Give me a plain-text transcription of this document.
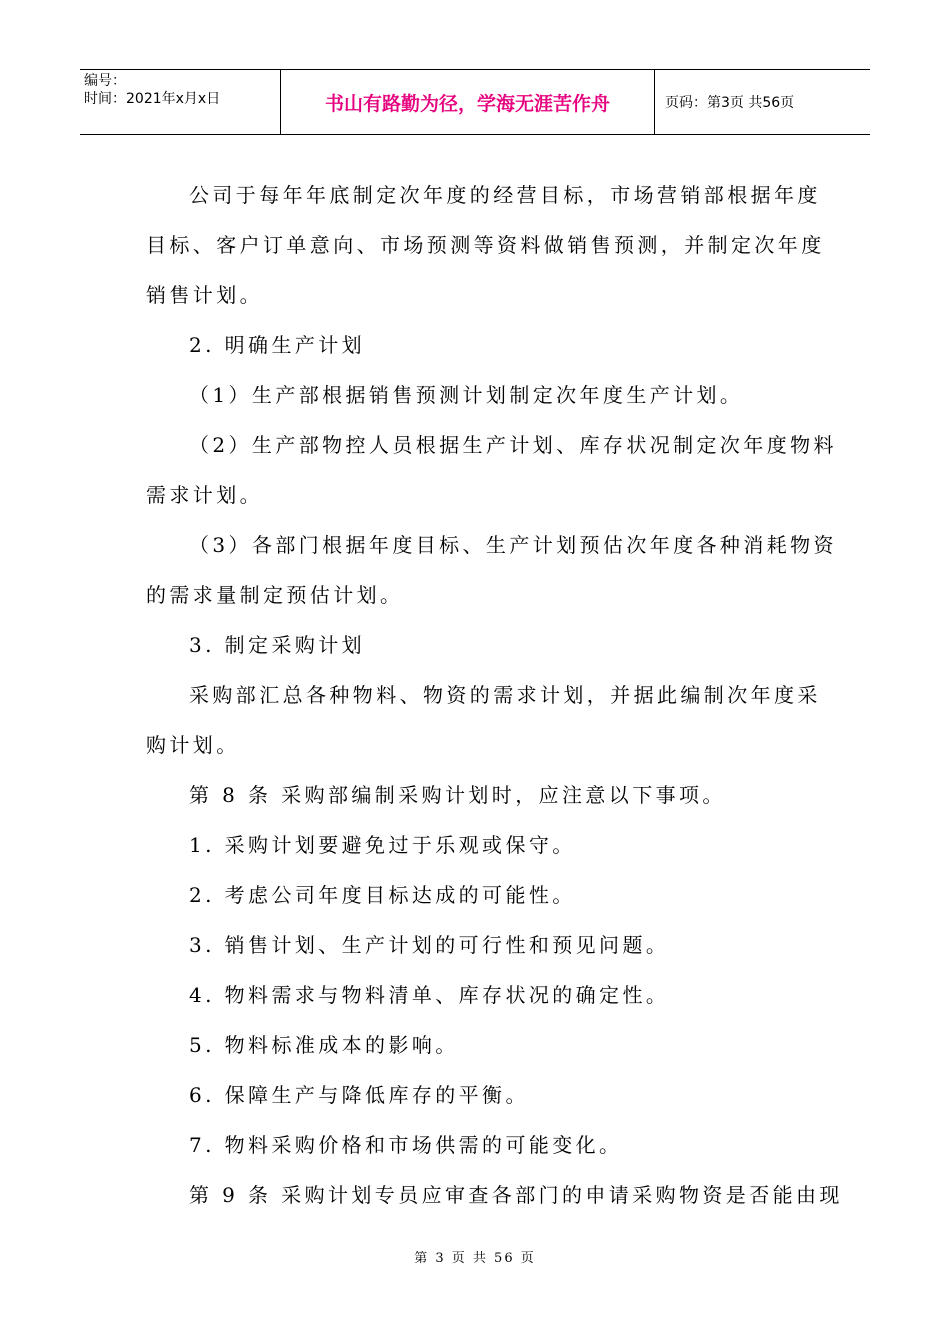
编号：
时间：2021年x月x日	书山有路勤为径，学海无涯苦作舟	页码：第3页 共56页

公司于每年年底制定次年度的经营目标，市场营销部根据年度

目标、客户订单意向、市场预测等资料做销售预测，并制定次年度

销售计划。

2. 明确生产计划

（1）生产部根据销售预测计划制定次年度生产计划。

（2）生产部物控人员根据生产计划、库存状况制定次年度物料

需求计划。

（3）各部门根据年度目标、生产计划预估次年度各种消耗物资

的需求量制定预估计划。

3. 制定采购计划

采购部汇总各种物料、物资的需求计划，并据此编制次年度采

购计划。

第 8 条 采购部编制采购计划时，应注意以下事项。

1. 采购计划要避免过于乐观或保守。

2. 考虑公司年度目标达成的可能性。

3. 销售计划、生产计划的可行性和预见问题。

4. 物料需求与物料清单、库存状况的确定性。

5. 物料标准成本的影响。

6. 保障生产与降低库存的平衡。

7. 物料采购价格和市场供需的可能变化。

第 9 条 采购计划专员应审查各部门的申请采购物资是否能由现

第 3 页 共 56 页
